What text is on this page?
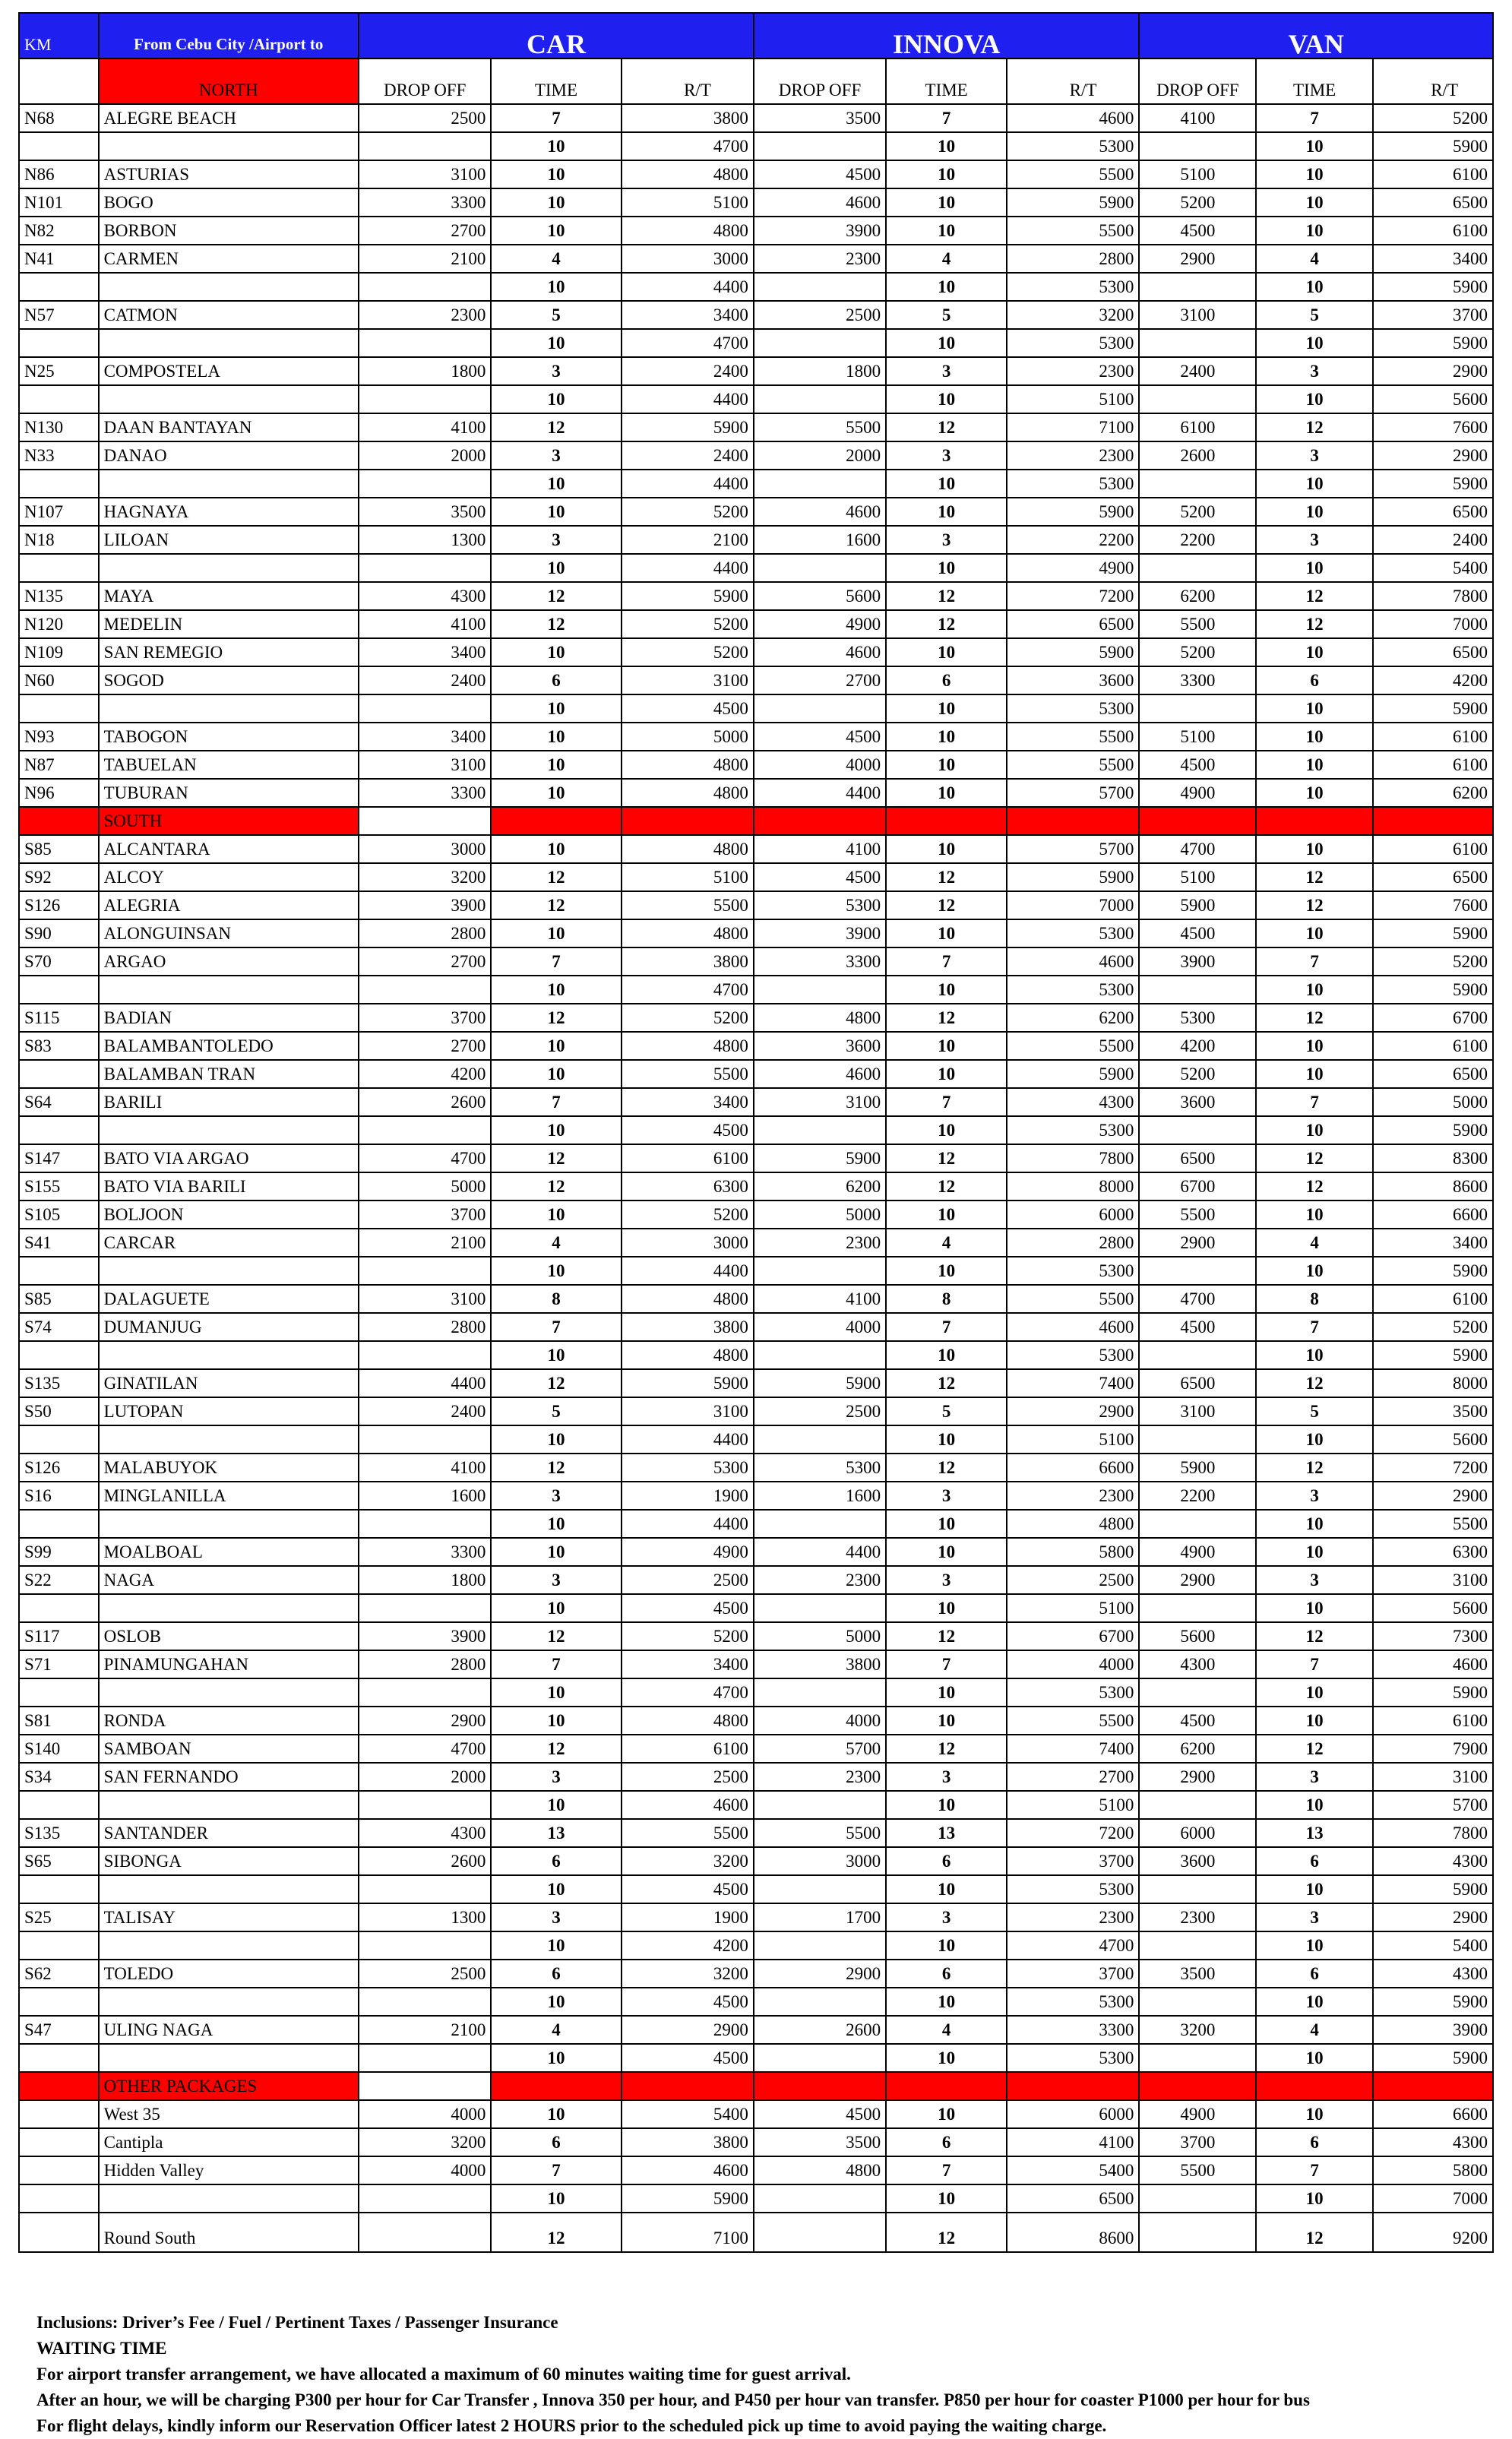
KM	From Cebu City /Airport to	CAR			INNOVA			VAN		
	NORTH	DROP OFF	TIME	R/T	DROP OFF	TIME	R/T	DROP OFF	TIME	R/T
N68	ALEGRE BEACH	2500	7	3800	3500	7	4600	4100	7	5200
			10	4700		10	5300		10	5900
N86	ASTURIAS	3100	10	4800	4500	10	5500	5100	10	6100
N101	BOGO	3300	10	5100	4600	10	5900	5200	10	6500
N82	BORBON	2700	10	4800	3900	10	5500	4500	10	6100
N41	CARMEN	2100	4	3000	2300	4	2800	2900	4	3400
			10	4400		10	5300		10	5900
N57	CATMON	2300	5	3400	2500	5	3200	3100	5	3700
			10	4700		10	5300		10	5900
N25	COMPOSTELA	1800	3	2400	1800	3	2300	2400	3	2900
			10	4400		10	5100		10	5600
N130	DAAN BANTAYAN	4100	12	5900	5500	12	7100	6100	12	7600
N33	DANAO	2000	3	2400	2000	3	2300	2600	3	2900
			10	4400		10	5300		10	5900
N107	HAGNAYA	3500	10	5200	4600	10	5900	5200	10	6500
N18	LILOAN	1300	3	2100	1600	3	2200	2200	3	2400
			10	4400		10	4900		10	5400
N135	MAYA	4300	12	5900	5600	12	7200	6200	12	7800
N120	MEDELIN	4100	12	5200	4900	12	6500	5500	12	7000
N109	SAN REMEGIO	3400	10	5200	4600	10	5900	5200	10	6500
N60	SOGOD	2400	6	3100	2700	6	3600	3300	6	4200
			10	4500		10	5300		10	5900
N93	TABOGON	3400	10	5000	4500	10	5500	5100	10	6100
N87	TABUELAN	3100	10	4800	4000	10	5500	4500	10	6100
N96	TUBURAN	3300	10	4800	4400	10	5700	4900	10	6200
	SOUTH									
S85	ALCANTARA	3000	10	4800	4100	10	5700	4700	10	6100
S92	ALCOY	3200	12	5100	4500	12	5900	5100	12	6500
S126	ALEGRIA	3900	12	5500	5300	12	7000	5900	12	7600
S90	ALONGUINSAN	2800	10	4800	3900	10	5300	4500	10	5900
S70	ARGAO	2700	7	3800	3300	7	4600	3900	7	5200
			10	4700		10	5300		10	5900
S115	BADIAN	3700	12	5200	4800	12	6200	5300	12	6700
S83	BALAMBANTOLEDO	2700	10	4800	3600	10	5500	4200	10	6100
	BALAMBAN TRAN	4200	10	5500	4600	10	5900	5200	10	6500
S64	BARILI	2600	7	3400	3100	7	4300	3600	7	5000
			10	4500		10	5300		10	5900
S147	BATO VIA ARGAO	4700	12	6100	5900	12	7800	6500	12	8300
S155	BATO VIA BARILI	5000	12	6300	6200	12	8000	6700	12	8600
S105	BOLJOON	3700	10	5200	5000	10	6000	5500	10	6600
S41	CARCAR	2100	4	3000	2300	4	2800	2900	4	3400
			10	4400		10	5300		10	5900
S85	DALAGUETE	3100	8	4800	4100	8	5500	4700	8	6100
S74	DUMANJUG	2800	7	3800	4000	7	4600	4500	7	5200
			10	4800		10	5300		10	5900
S135	GINATILAN	4400	12	5900	5900	12	7400	6500	12	8000
S50	LUTOPAN	2400	5	3100	2500	5	2900	3100	5	3500
			10	4400		10	5100		10	5600
S126	MALABUYOK	4100	12	5300	5300	12	6600	5900	12	7200
S16	MINGLANILLA	1600	3	1900	1600	3	2300	2200	3	2900
			10	4400		10	4800		10	5500
S99	MOALBOAL	3300	10	4900	4400	10	5800	4900	10	6300
S22	NAGA	1800	3	2500	2300	3	2500	2900	3	3100
			10	4500		10	5100		10	5600
S117	OSLOB	3900	12	5200	5000	12	6700	5600	12	7300
S71	PINAMUNGAHAN	2800	7	3400	3800	7	4000	4300	7	4600
			10	4700		10	5300		10	5900
S81	RONDA	2900	10	4800	4000	10	5500	4500	10	6100
S140	SAMBOAN	4700	12	6100	5700	12	7400	6200	12	7900
S34	SAN FERNANDO	2000	3	2500	2300	3	2700	2900	3	3100
			10	4600		10	5100		10	5700
S135	SANTANDER	4300	13	5500	5500	13	7200	6000	13	7800
S65	SIBONGA	2600	6	3200	3000	6	3700	3600	6	4300
			10	4500		10	5300		10	5900
S25	TALISAY	1300	3	1900	1700	3	2300	2300	3	2900
			10	4200		10	4700		10	5400
S62	TOLEDO	2500	6	3200	2900	6	3700	3500	6	4300
			10	4500		10	5300		10	5900
S47	ULING NAGA	2100	4	2900	2600	4	3300	3200	4	3900
			10	4500		10	5300		10	5900
	OTHER PACKAGES									
	West 35	4000	10	5400	4500	10	6000	4900	10	6600
	Cantipla	3200	6	3800	3500	6	4100	3700	6	4300
	Hidden Valley	4000	7	4600	4800	7	5400	5500	7	5800
			10	5900		10	6500		10	7000
	Round South		12	7100		12	8600		12	9200
Inclusions: Driver’s Fee / Fuel / Pertinent Taxes / Passenger Insurance
WAITING TIME
For airport transfer arrangement, we have allocated a maximum of 60 minutes waiting time for guest arrival.
After an hour, we will be charging P300 per hour for Car Transfer , Innova 350 per hour, and P450 per hour van transfer. P850 per hour for coaster P1000 per hour for bus
For flight delays, kindly inform our Reservation Officer latest 2 HOURS prior to the scheduled pick up time to avoid paying the waiting charge.
